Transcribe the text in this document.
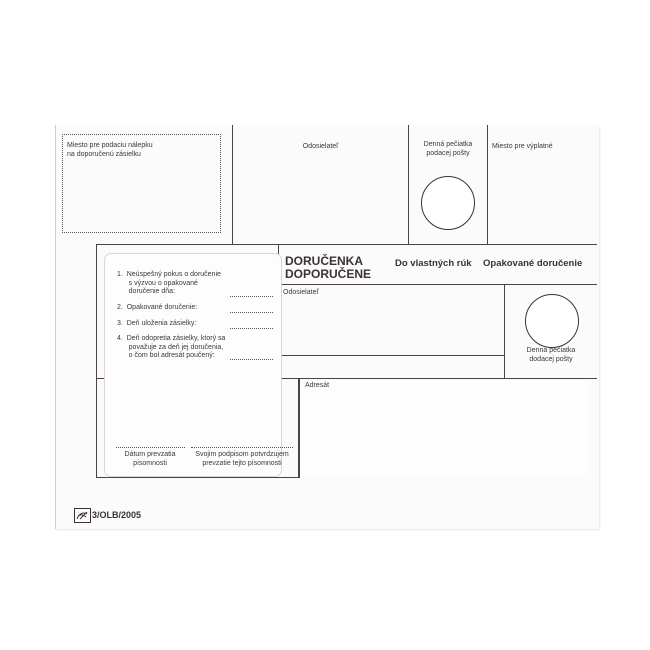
Miesto pre podaciu nálepku
na doporučenú zásielku
Odosielateľ	Denná pečiatka
podacej pošty
Miesto pre výplatné
DORUČENKA
DOPORUČENE
Do vlastných rúk Opakované doručenie
Odosielateľ
Denná pečiatka
dodacej pošty
1.  Neúspešný pokus o doručenie
s výzvou o opakované
doručenie dňa:
2.  Opakované doručenie:
3.  Deň uloženia zásielky:
4.  Deň odopretia zásielky, ktorý sa
považuje za deň jej doručenia,
o čom bol adresát poučený:
Dátum prevzatia
písomnosti
Svojim podpisom potvrdzujem
prevzatie tejto písomnosti
Adresát
3/OLB/2005
